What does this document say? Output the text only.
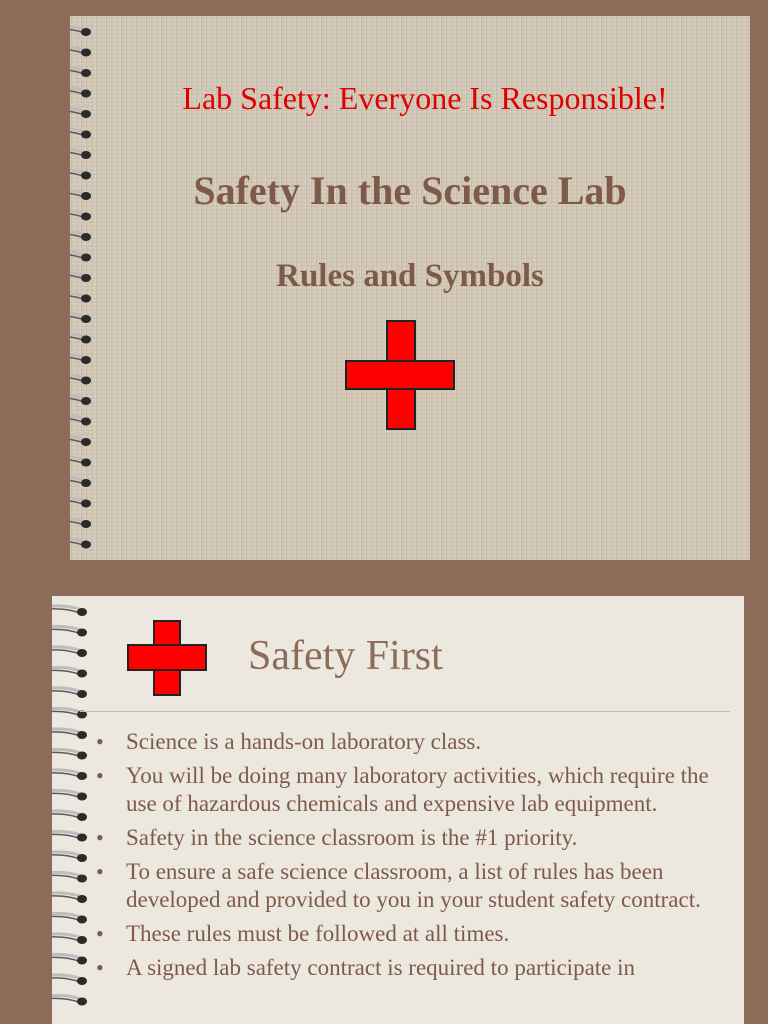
Lab Safety: Everyone Is Responsible!
Safety In the Science Lab
Rules and Symbols
Safety First
• Science is a hands-on laboratory class.
• You will be doing many laboratory activities, which require the use of hazardous chemicals and expensive lab equipment.
• Safety in the science classroom is the #1 priority.
• To ensure a safe science classroom, a list of rules has been developed and provided to you in your student safety contract.
• These rules must be followed at all times.
• A signed lab safety contract is required to participate in
